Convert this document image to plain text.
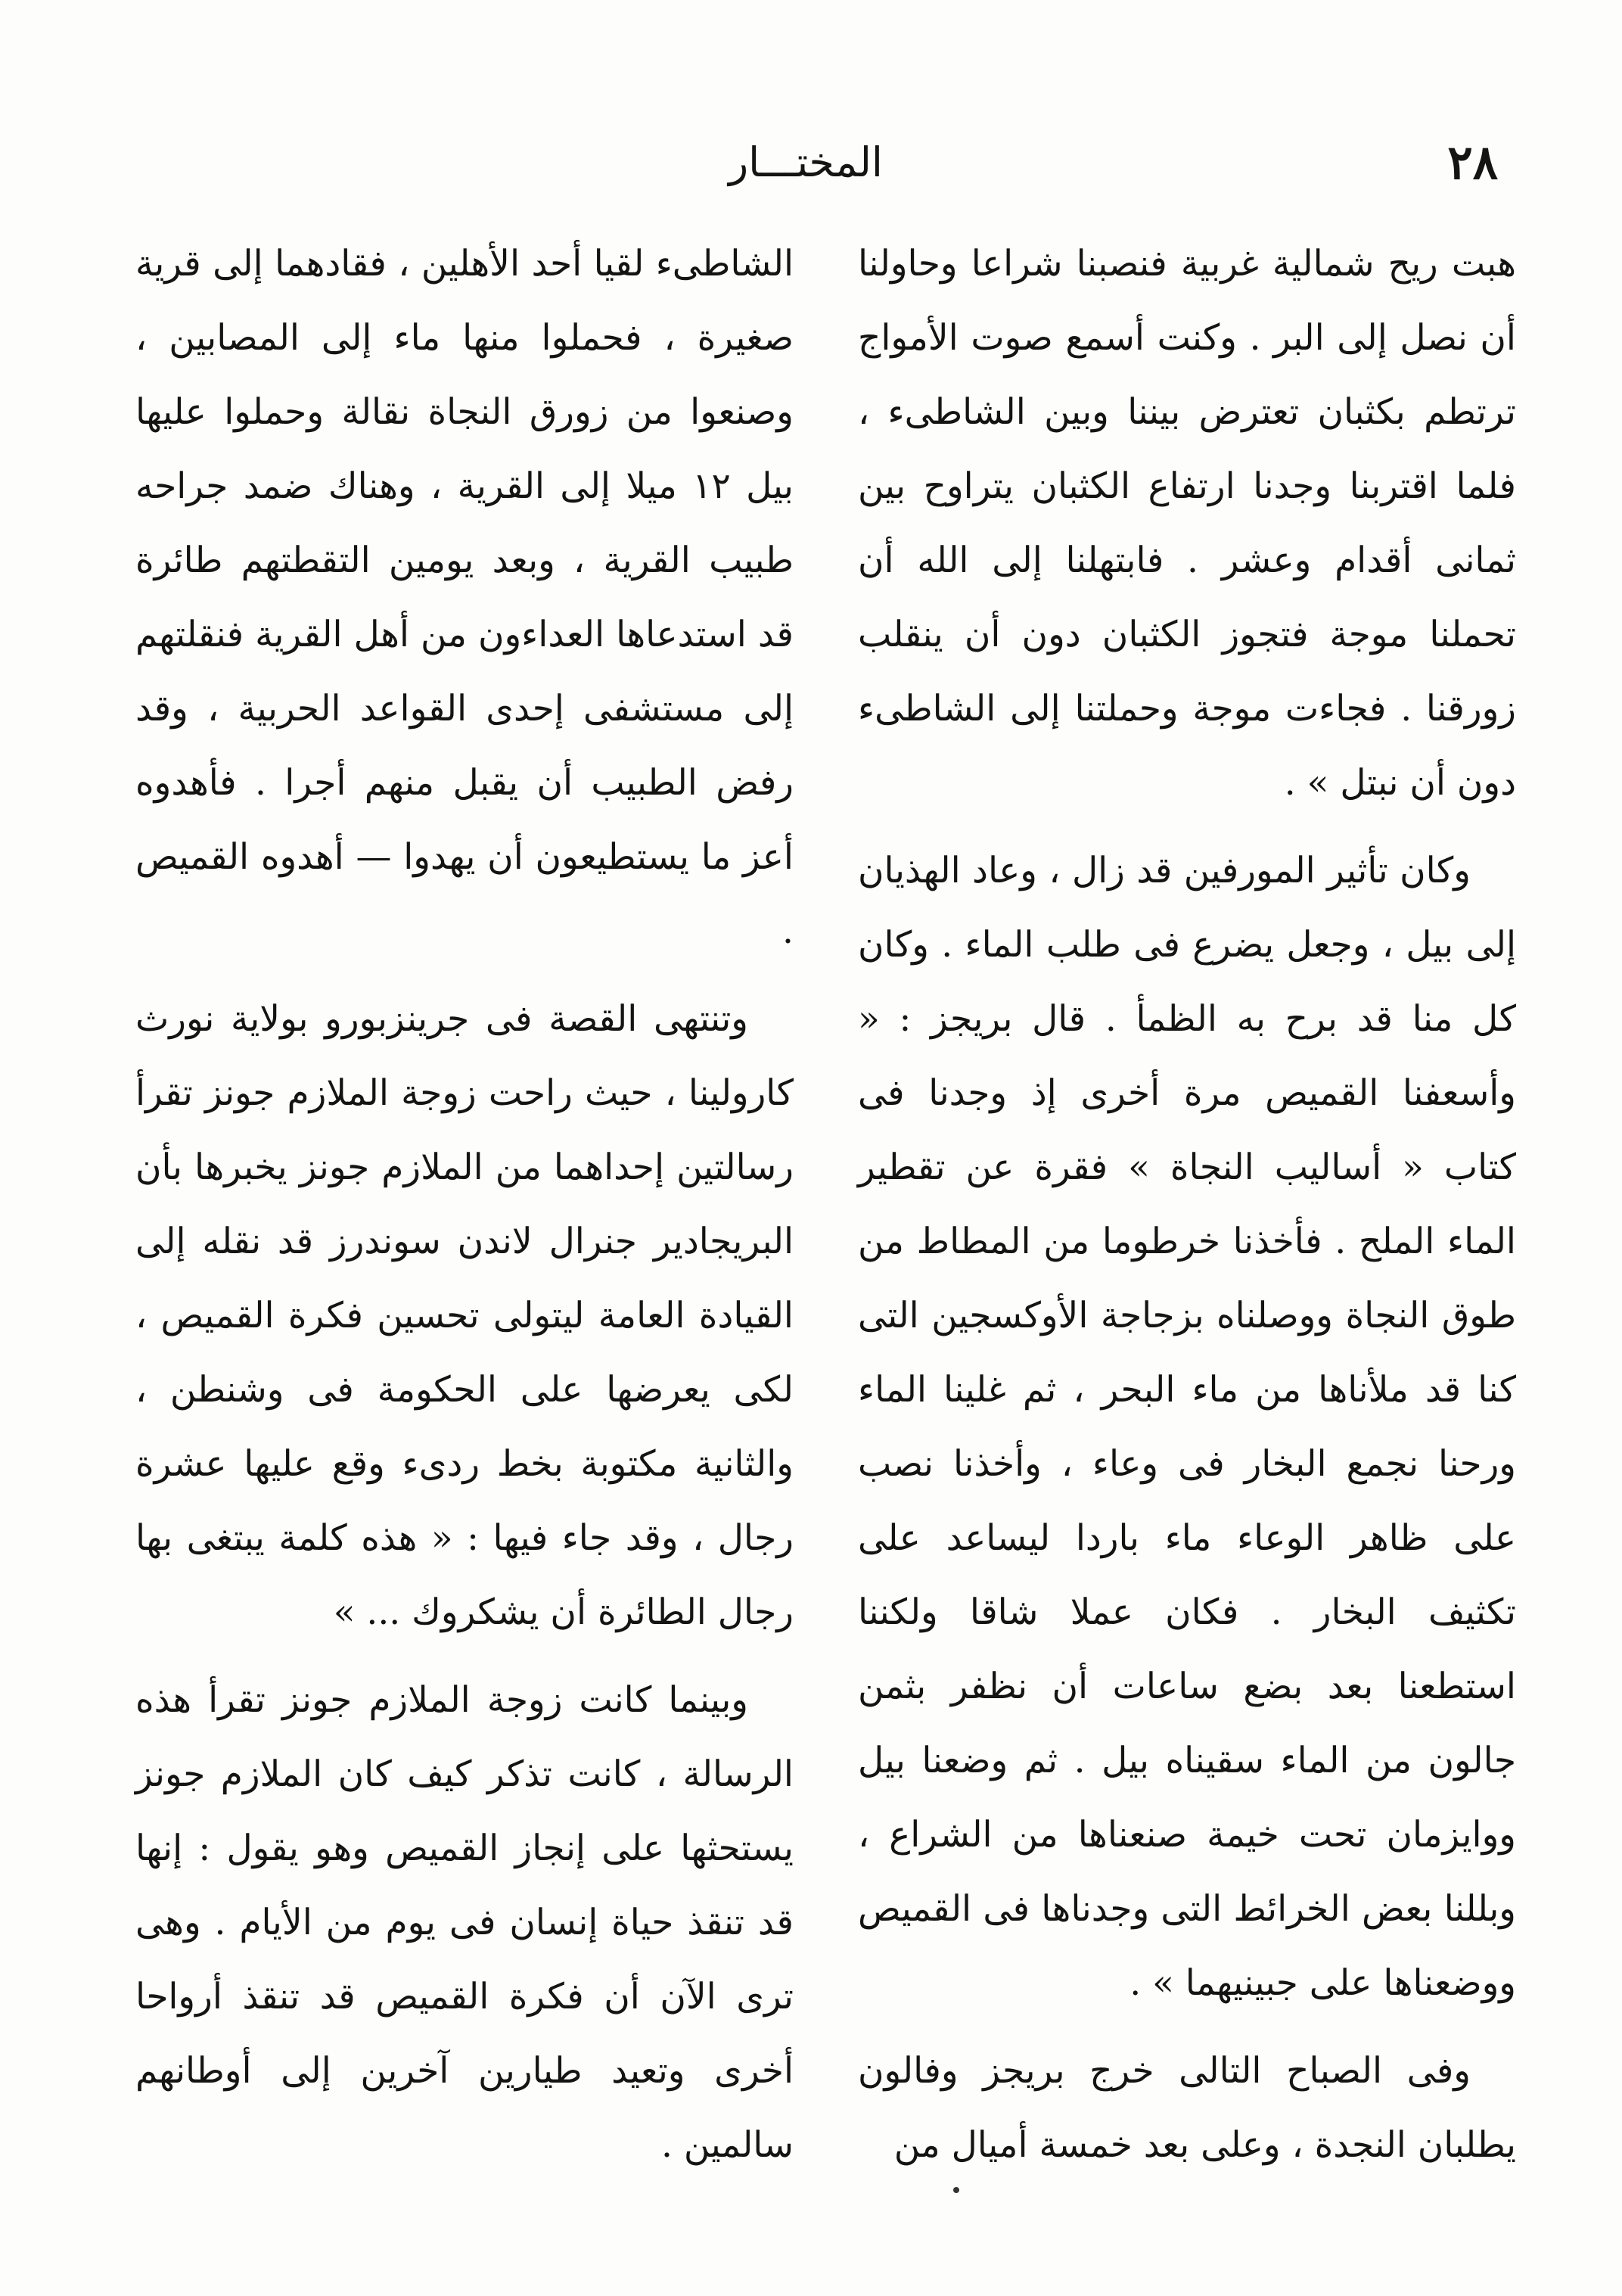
٢٨
المختـــار

هبت ريح شمالية غربية فنصبنا شراعا وحاولنا أن نصل إلى البر . وكنت أسمع صوت الأمواج ترتطم بكثبان تعترض بيننا وبين الشاطىء ، فلما اقتربنا وجدنا ارتفاع الكثبان يتراوح بين ثمانى أقدام وعشر . فابتهلنا إلى الله أن تحملنا موجة فتجوز الكثبان دون أن ينقلب زورقنا . فجاءت موجة وحملتنا إلى الشاطىء دون أن نبتل » .

وكان تأثير المورفين قد زال ، وعاد الهذيان إلى بيل ، وجعل يضرع فى طلب الماء . وكان كل منا قد برح به الظمأ . قال بريجز : « وأسعفنا القميص مرة أخرى إذ وجدنا فى كتاب « أساليب النجاة » فقرة عن تقطير الماء الملح . فأخذنا خرطوما من المطاط من طوق النجاة ووصلناه بزجاجة الأوكسجين التى كنا قد ملأناها من ماء البحر ، ثم غلينا الماء ورحنا نجمع البخار فى وعاء ، وأخذنا نصب على ظاهر الوعاء ماء باردا ليساعد على تكثيف البخار . فكان عملا شاقا ولكننا استطعنا بعد بضع ساعات أن نظفر بثمن جالون من الماء سقيناه بيل . ثم وضعنا بيل ووايزمان تحت خيمة صنعناها من الشراع ، وبللنا بعض الخرائط التى وجدناها فى القميص ووضعناها على جبينيهما » .

وفى الصباح التالى خرج بريجز وفالون يطلبان النجدة ، وعلى بعد خمسة أميال من

الشاطىء لقيا أحد الأهلين ، فقادهما إلى قرية صغيرة ، فحملوا منها ماء إلى المصابين ، وصنعوا من زورق النجاة نقالة وحملوا عليها بيل ١٢ ميلا إلى القرية ، وهناك ضمد جراحه طبيب القرية ، وبعد يومين التقطتهم طائرة قد استدعاها العداءون من أهل القرية فنقلتهم إلى مستشفى إحدى القواعد الحربية ، وقد رفض الطبيب أن يقبل منهم أجرا . فأهدوه أعز ما يستطيعون أن يهدوا — أهدوه القميص .

وتنتهى القصة فى جرينزبورو بولاية نورث كارولينا ، حيث راحت زوجة الملازم جونز تقرأ رسالتين إحداهما من الملازم جونز يخبرها بأن البريجادير جنرال لاندن سوندرز قد نقله إلى القيادة العامة ليتولى تحسين فكرة القميص ، لكى يعرضها على الحكومة فى وشنطن ، والثانية مكتوبة بخط ردىء وقع عليها عشرة رجال ، وقد جاء فيها : « هذه كلمة يبتغى بها رجال الطائرة أن يشكروك ... »

وبينما كانت زوجة الملازم جونز تقرأ هذه الرسالة ، كانت تذكر كيف كان الملازم جونز يستحثها على إنجاز القميص وهو يقول : إنها قد تنقذ حياة إنسان فى يوم من الأيام . وهى ترى الآن أن فكرة القميص قد تنقذ أرواحا أخرى وتعيد طيارين آخرين إلى أوطانهم سالمين .
